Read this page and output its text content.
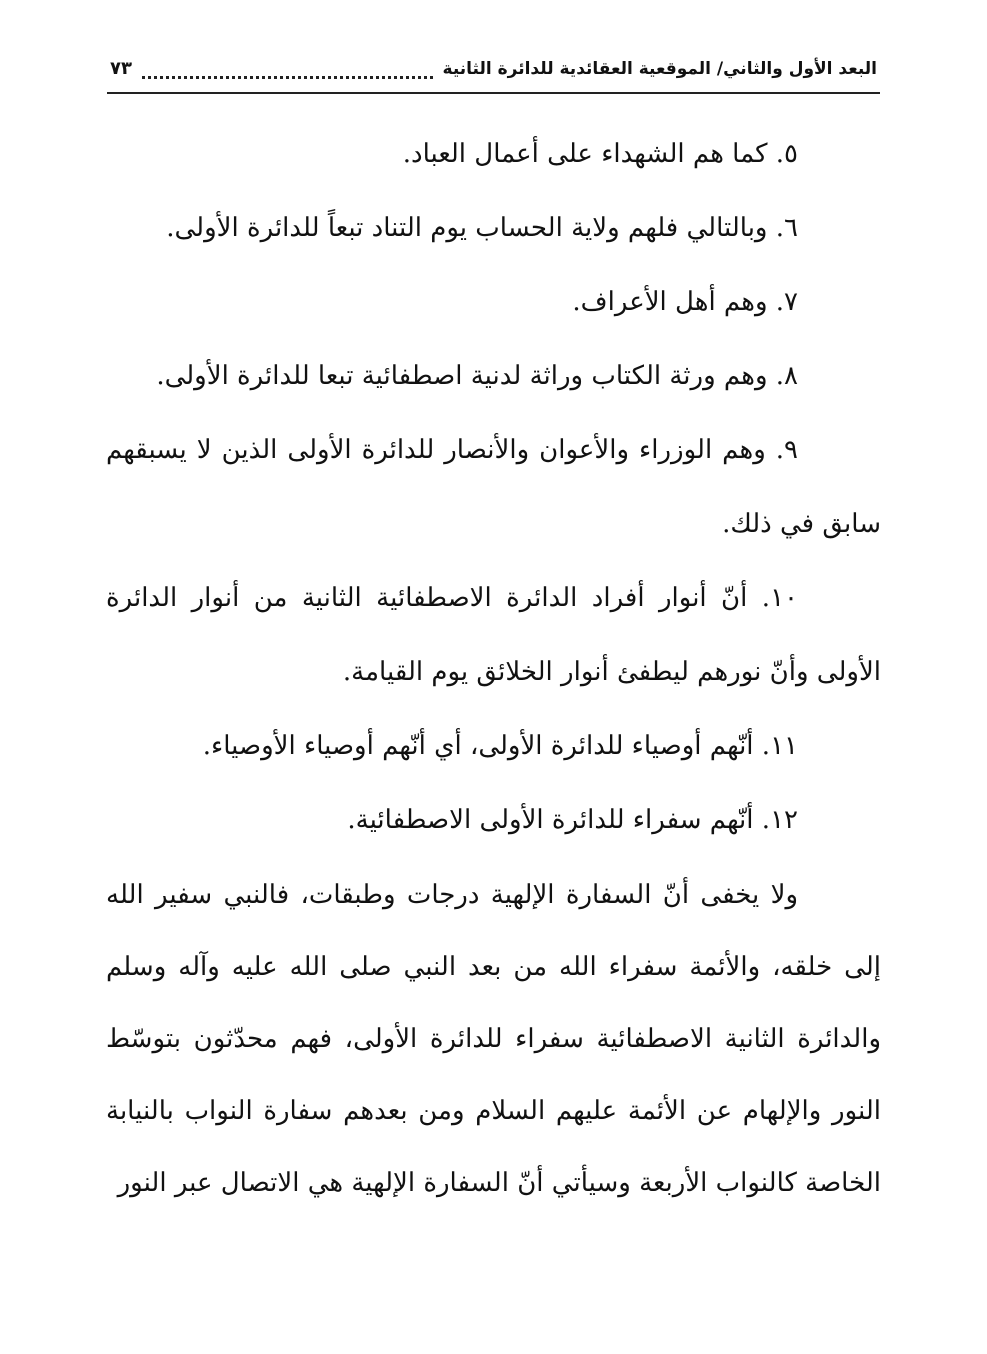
البعد الأول والثاني/ الموقعية العقائدية للدائرة الثانية
٧٣

٥. كما هم الشهداء على أعمال العباد.

٦. وبالتالي فلهم ولاية الحساب يوم التناد تبعاً للدائرة الأولى.

٧. وهم أهل الأعراف.

٨. وهم ورثة الكتاب وراثة لدنية اصطفائية تبعا للدائرة الأولى.

٩. وهم الوزراء والأعوان والأنصار للدائرة الأولى الذين لا يسبقهم سابق في ذلك.

١٠. أنّ أنوار أفراد الدائرة الاصطفائية الثانية من أنوار الدائرة الأولى وأنّ نورهم ليطفئ أنوار الخلائق يوم القيامة.

١١. أنّهم أوصياء للدائرة الأولى، أي أنّهم أوصياء الأوصياء.

١٢. أنّهم سفراء للدائرة الأولى الاصطفائية.

ولا يخفى أنّ السفارة الإلهية درجات وطبقات، فالنبي سفير الله إلى خلقه، والأئمة سفراء الله من بعد النبي صلى الله عليه وآله وسلم والدائرة الثانية الاصطفائية سفراء للدائرة الأولى، فهم محدّثون بتوسّط النور والإلهام عن الأئمة عليهم السلام ومن بعدهم سفارة النواب بالنيابة الخاصة كالنواب الأربعة وسيأتي أنّ السفارة الإلهية هي الاتصال عبر النور
